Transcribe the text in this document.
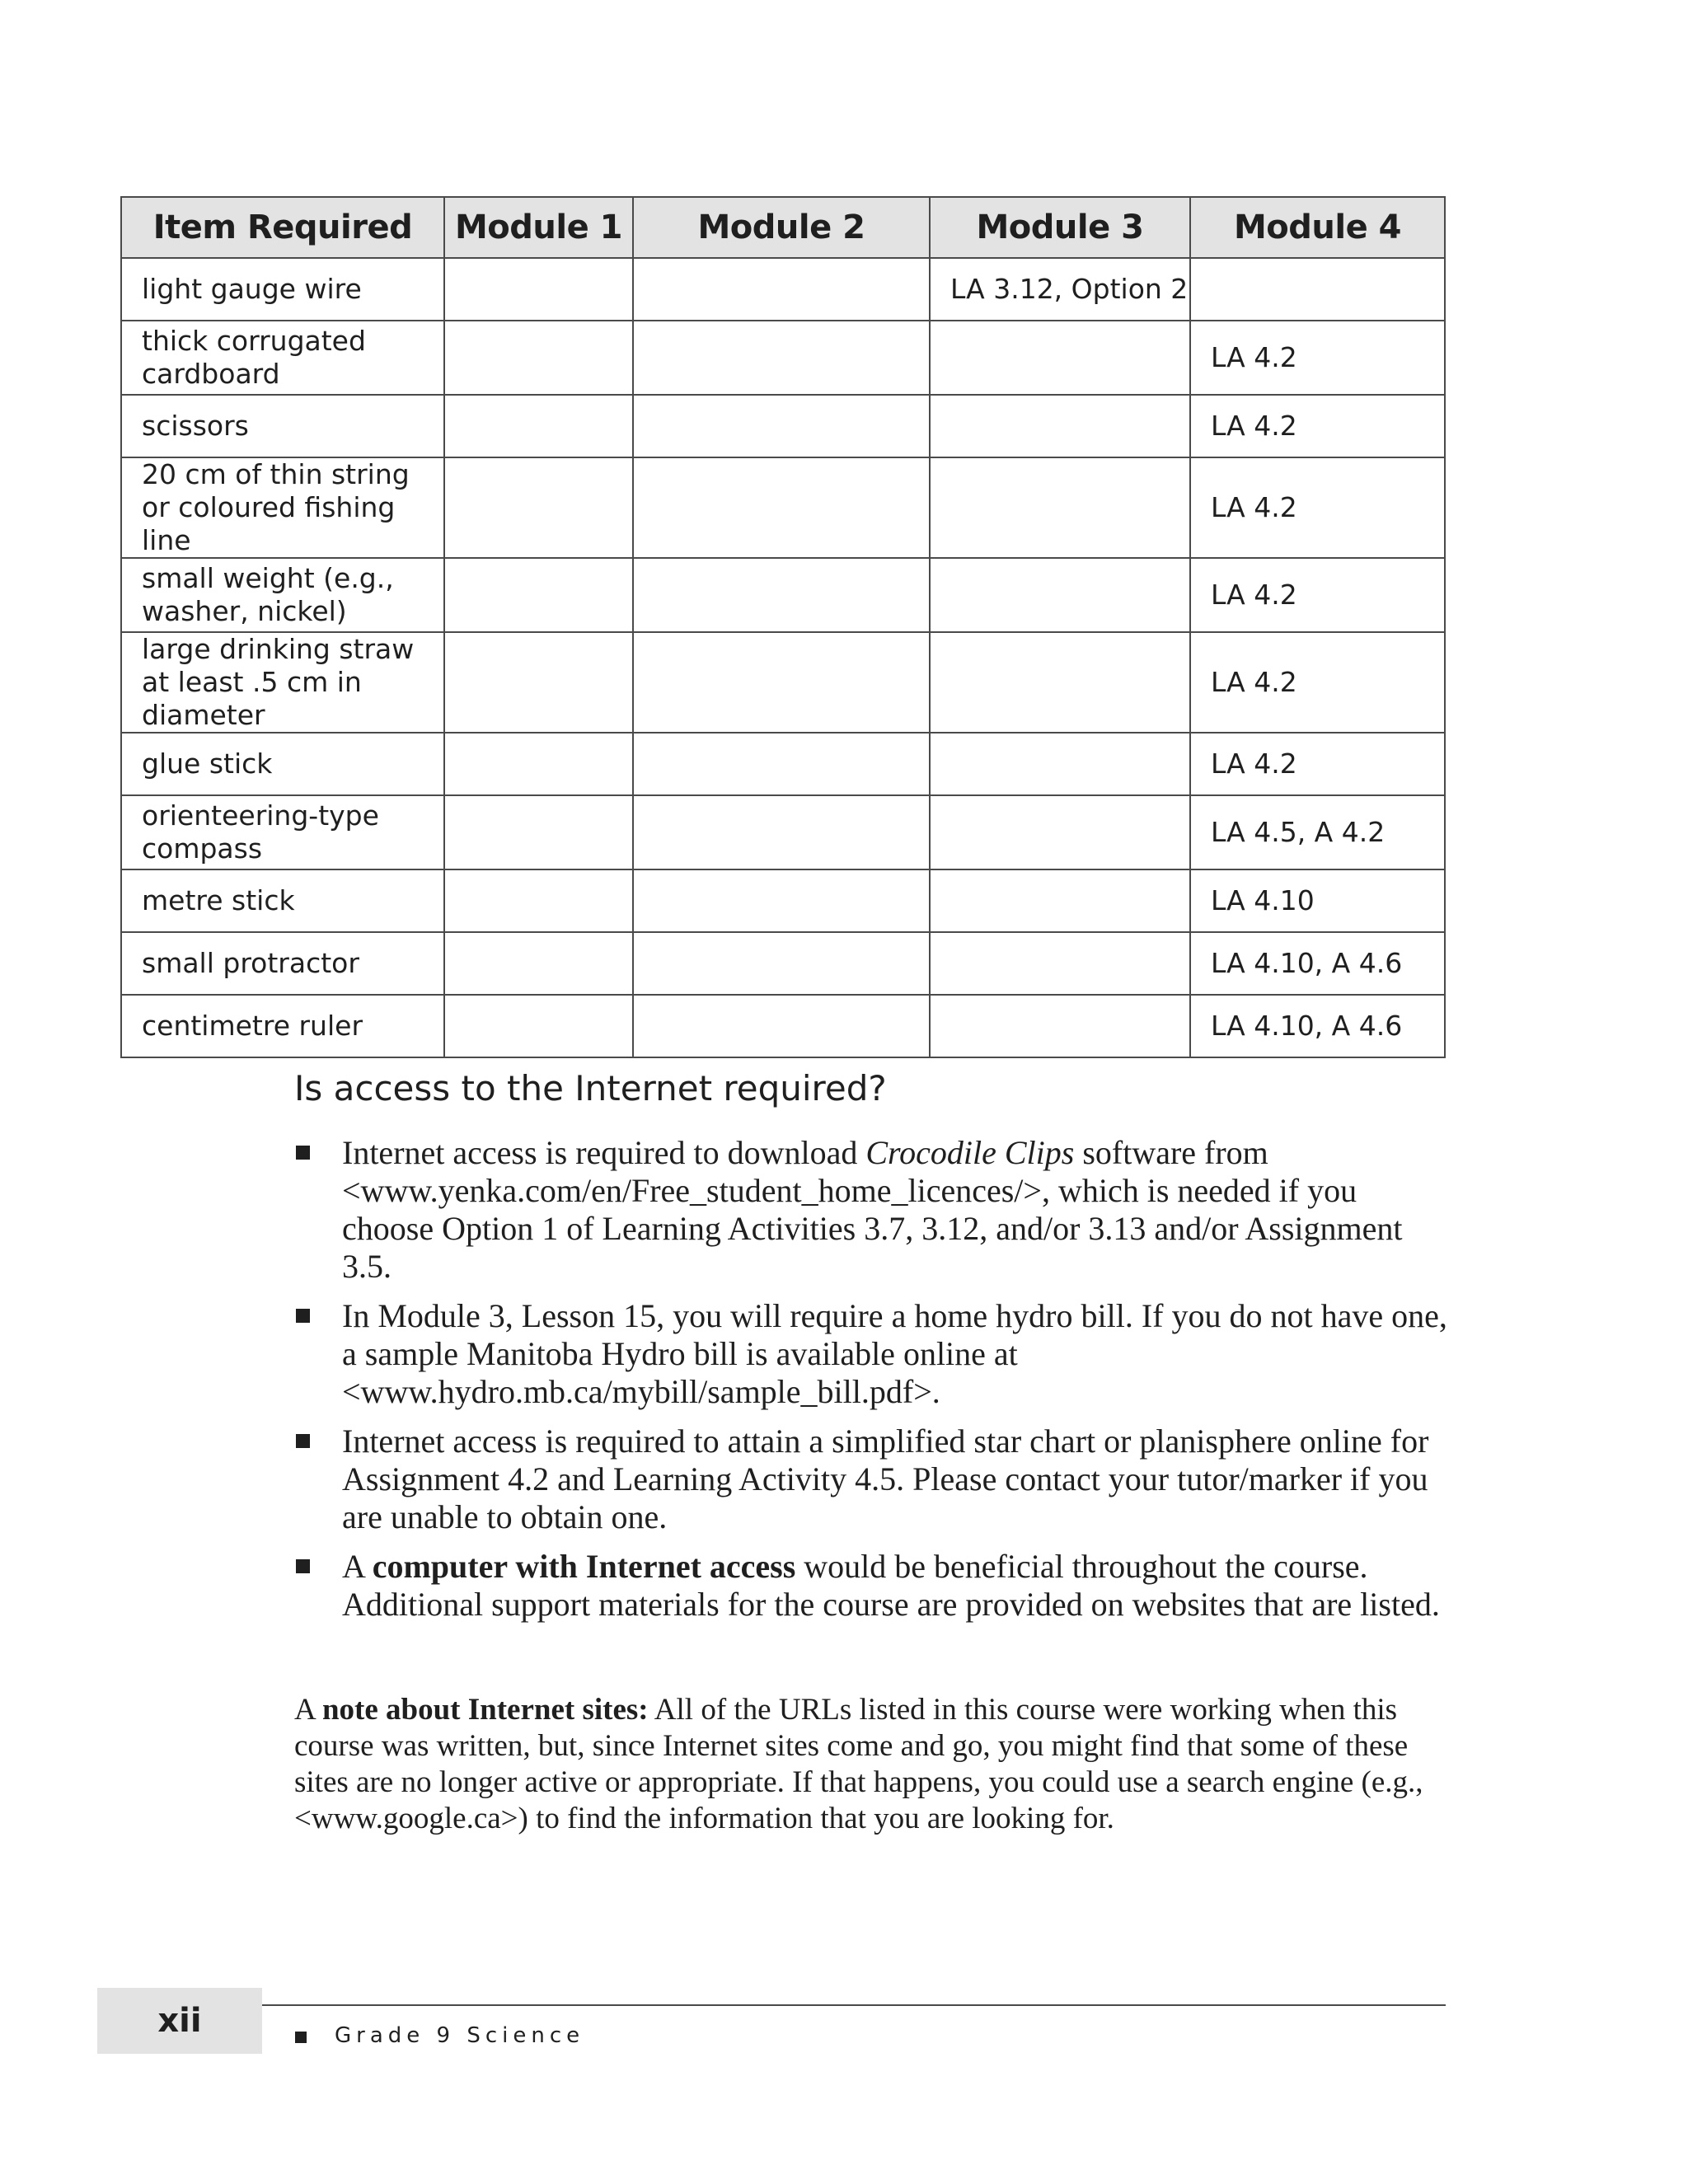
Item Required	Module 1	Module 2	Module 3	Module 4
light gauge wire			LA 3.12, Option 2	
thick corrugated cardboard				LA 4.2
scissors				LA 4.2
20 cm of thin string or coloured fishing line				LA 4.2
small weight (e.g., washer, nickel)				LA 4.2
large drinking straw at least .5 cm in diameter				LA 4.2
glue stick				LA 4.2
orienteering-type compass				LA 4.5, A 4.2
metre stick				LA 4.10
small protractor				LA 4.10, A 4.6
centimetre ruler				LA 4.10, A 4.6
Is access to the Internet required?
Internet access is required to download Crocodile Clips software from <www.yenka.com/en/Free_student_home_licences/>, which is needed if you choose Option 1 of Learning Activities 3.7, 3.12, and/or 3.13 and/or Assignment 3.5.
In Module 3, Lesson 15, you will require a home hydro bill. If you do not have one, a sample Manitoba Hydro bill is available online at <www.hydro.mb.ca/mybill/sample_bill.pdf>.
Internet access is required to attain a simplified star chart or planisphere online for Assignment 4.2 and Learning Activity 4.5. Please contact your tutor/marker if you are unable to obtain one.
A computer with Internet access would be beneficial throughout the course. Additional support materials for the course are provided on websites that are listed.

A note about Internet sites: All of the URLs listed in this course were working when this course was written, but, since Internet sites come and go, you might find that some of these sites are no longer active or appropriate. If that happens, you could use a search engine (e.g., <www.google.ca>) to find the information that you are looking for.

xii	Grade 9 Science
